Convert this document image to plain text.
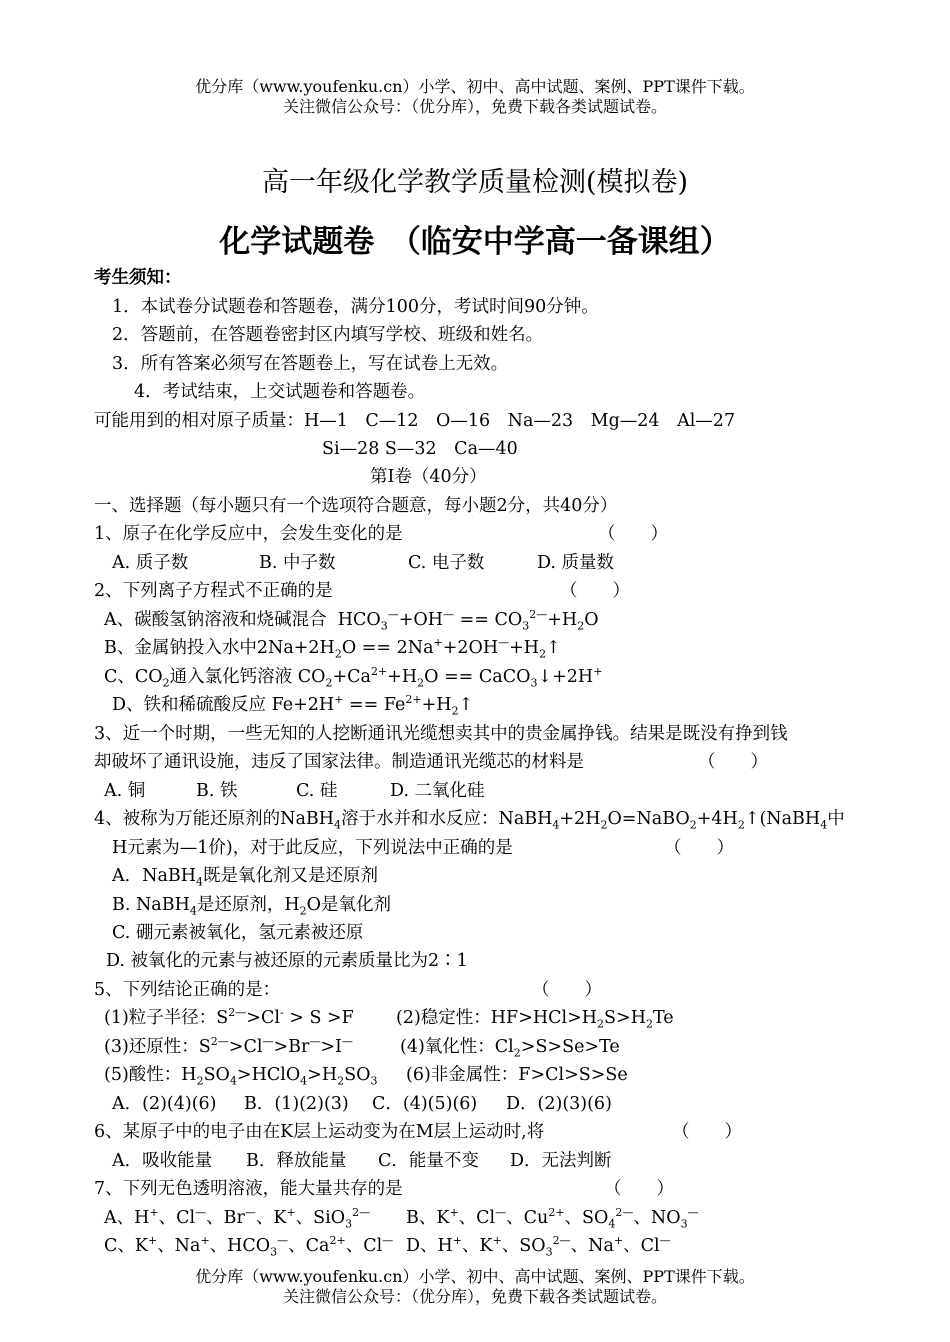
优分库（www.youfenku.cn）小学、初中、高中试题、案例、PPT课件下载。
关注微信公众号：（优分库），免费下载各类试题试卷。
高一年级化学教学质量检测(模拟卷)
化学试题卷　（临安中学高一备课组）
考生须知：
1．本试卷分试题卷和答题卷，满分100分，考试时间90分钟。
2．答题前，在答题卷密封区内填写学校、班级和姓名。
3．所有答案必须写在答题卷上，写在试卷上无效。
4．考试结束，上交试题卷和答题卷。
可能用到的相对原子质量：H—1　C—12　O—16　Na—23　Mg—24　Al—27
Si—28 S—32　Ca—40
第Ⅰ卷（40分）
一、选择题（每小题只有一个选项符合题意，每小题2分，共40分）
1、原子在化学反应中，会发生变化的是	（　　）
A. 质子数	B. 中子数	C. 电子数	D. 质量数
2、下列离子方程式不正确的是	（　　）
A、碳酸氢钠溶液和烧碱混合  $HCO_3^—+OH^— == CO_3^{2—}+H_2O$
B、金属钠投入水中$2Na+2H_2O$ == $2Na^++2OH^—+H_2↑$
C、$CO_2$通入氯化钙溶液 $CO_2+Ca^{2+}+H_2O$ == CaCO$_3$↓+2H+
D、铁和稀硫酸反应 $Fe+2H^+ == Fe^{2+}+H_2↑$
3、近一个时期，一些无知的人挖断通讯光缆想卖其中的贵金属挣钱。结果是既没有挣到钱
却破坏了通讯设施，违反了国家法律。制造通讯光缆芯的材料是	（　　）
A. 铜	B. 铁	C. 硅	D. 二氧化硅
4、被称为万能还原剂的NaBH$_4$溶于水并和水反应：$NaBH_4+2H_2O=NaBO_2+4H_2↑(NaBH_4$中
H元素为—1价)，对于此反应，下列说法中正确的是	（　　）
A．NaBH$_4$既是氧化剂又是还原剂
B. NaBH$_4$是还原剂，$H_2O$是氧化剂
C. 硼元素被氧化，氢元素被还原
D. 被氧化的元素与被还原的元素质量比为2∶1
5、下列结论正确的是：	（　　）
(1)粒子半径：$S^{2—}>Cl^- > S >F$ (2)稳定性：$HF>HCl>H_2S>H_2Te$
(3)还原性：$S^{2—}>Cl^—>Br^—>I^—$	(4)氧化性：$Cl_2>S>Se>Te$
(5)酸性：$H_2SO_4>HClO_4>H_2SO_3$ (6)非金属性：F>Cl>S>Se
A．(2)(4)(6) B．(1)(2)(3) C．(4)(5)(6) D．(2)(3)(6)
6、某原子中的电子由在K层上运动变为在M层上运动时,将	（　　）
A．吸收能量 B．释放能量 C．能量不变 D．无法判断
7、下列无色透明溶液，能大量共存的是	（　　）
A、H+、Cl—、Br—、K+、SiO$_3^{2—}$ B、K+、Cl—、$Cu^{2+}$、$SO_4^{2—}$、$NO_3^—$
C、K+、Na+、$HCO_3^—$、$Ca^{2+}$、Cl— D、H+、K+、$SO_3^{2—}$、Na+、Cl—
优分库（www.youfenku.cn）小学、初中、高中试题、案例、PPT课件下载。
关注微信公众号：（优分库），免费下载各类试题试卷。
